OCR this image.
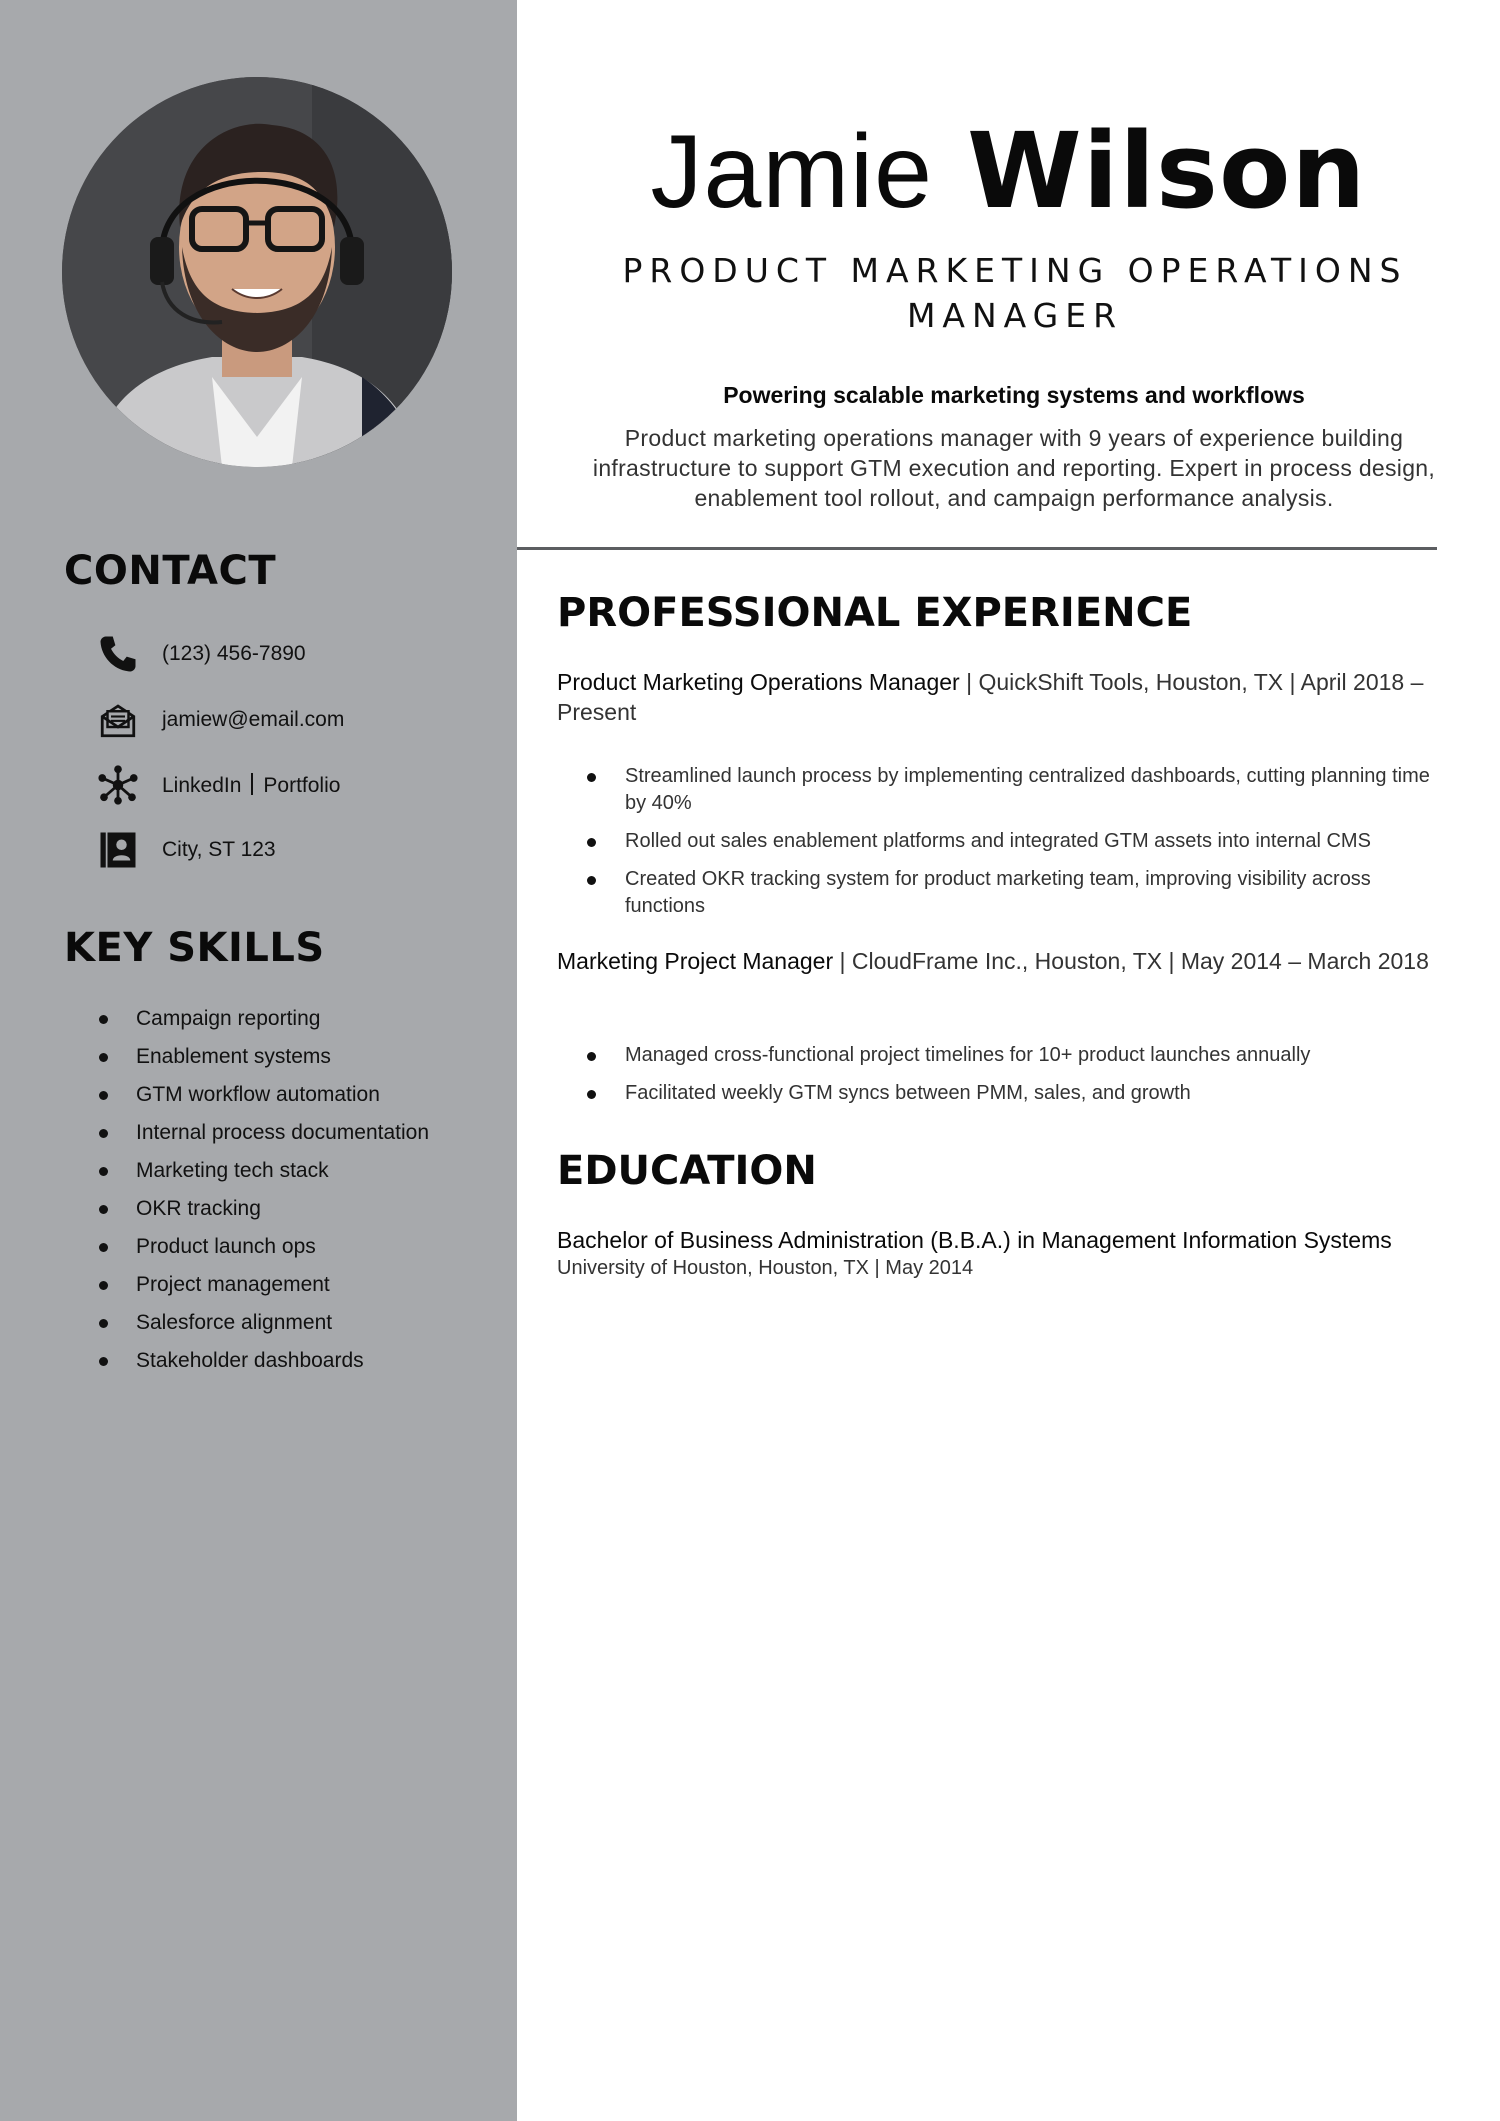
CONTACT
(123) 456-7890
jamiew@email.com
LinkedIn Portfolio
City, ST 123
KEY SKILLS
Campaign reporting
Enablement systems
GTM workflow automation
Internal process documentation
Marketing tech stack
OKR tracking
Product launch ops
Project management
Salesforce alignment
Stakeholder dashboards
Jamie Wilson
PRODUCT MARKETING OPERATIONS MANAGER
Powering scalable marketing systems and workflows
Product marketing operations manager with 9 years of experience building infrastructure to support GTM execution and reporting. Expert in process design, enablement tool rollout, and campaign performance analysis.
PROFESSIONAL EXPERIENCE
Product Marketing Operations Manager | QuickShift Tools, Houston, TX | April 2018 – Present
Streamlined launch process by implementing centralized dashboards, cutting planning time by 40%
Rolled out sales enablement platforms and integrated GTM assets into internal CMS
Created OKR tracking system for product marketing team, improving visibility across functions
Marketing Project Manager | CloudFrame Inc., Houston, TX | May 2014 – March 2018
Managed cross-functional project timelines for 10+ product launches annually
Facilitated weekly GTM syncs between PMM, sales, and growth
EDUCATION
Bachelor of Business Administration (B.B.A.) in Management Information Systems
University of Houston, Houston, TX | May 2014
